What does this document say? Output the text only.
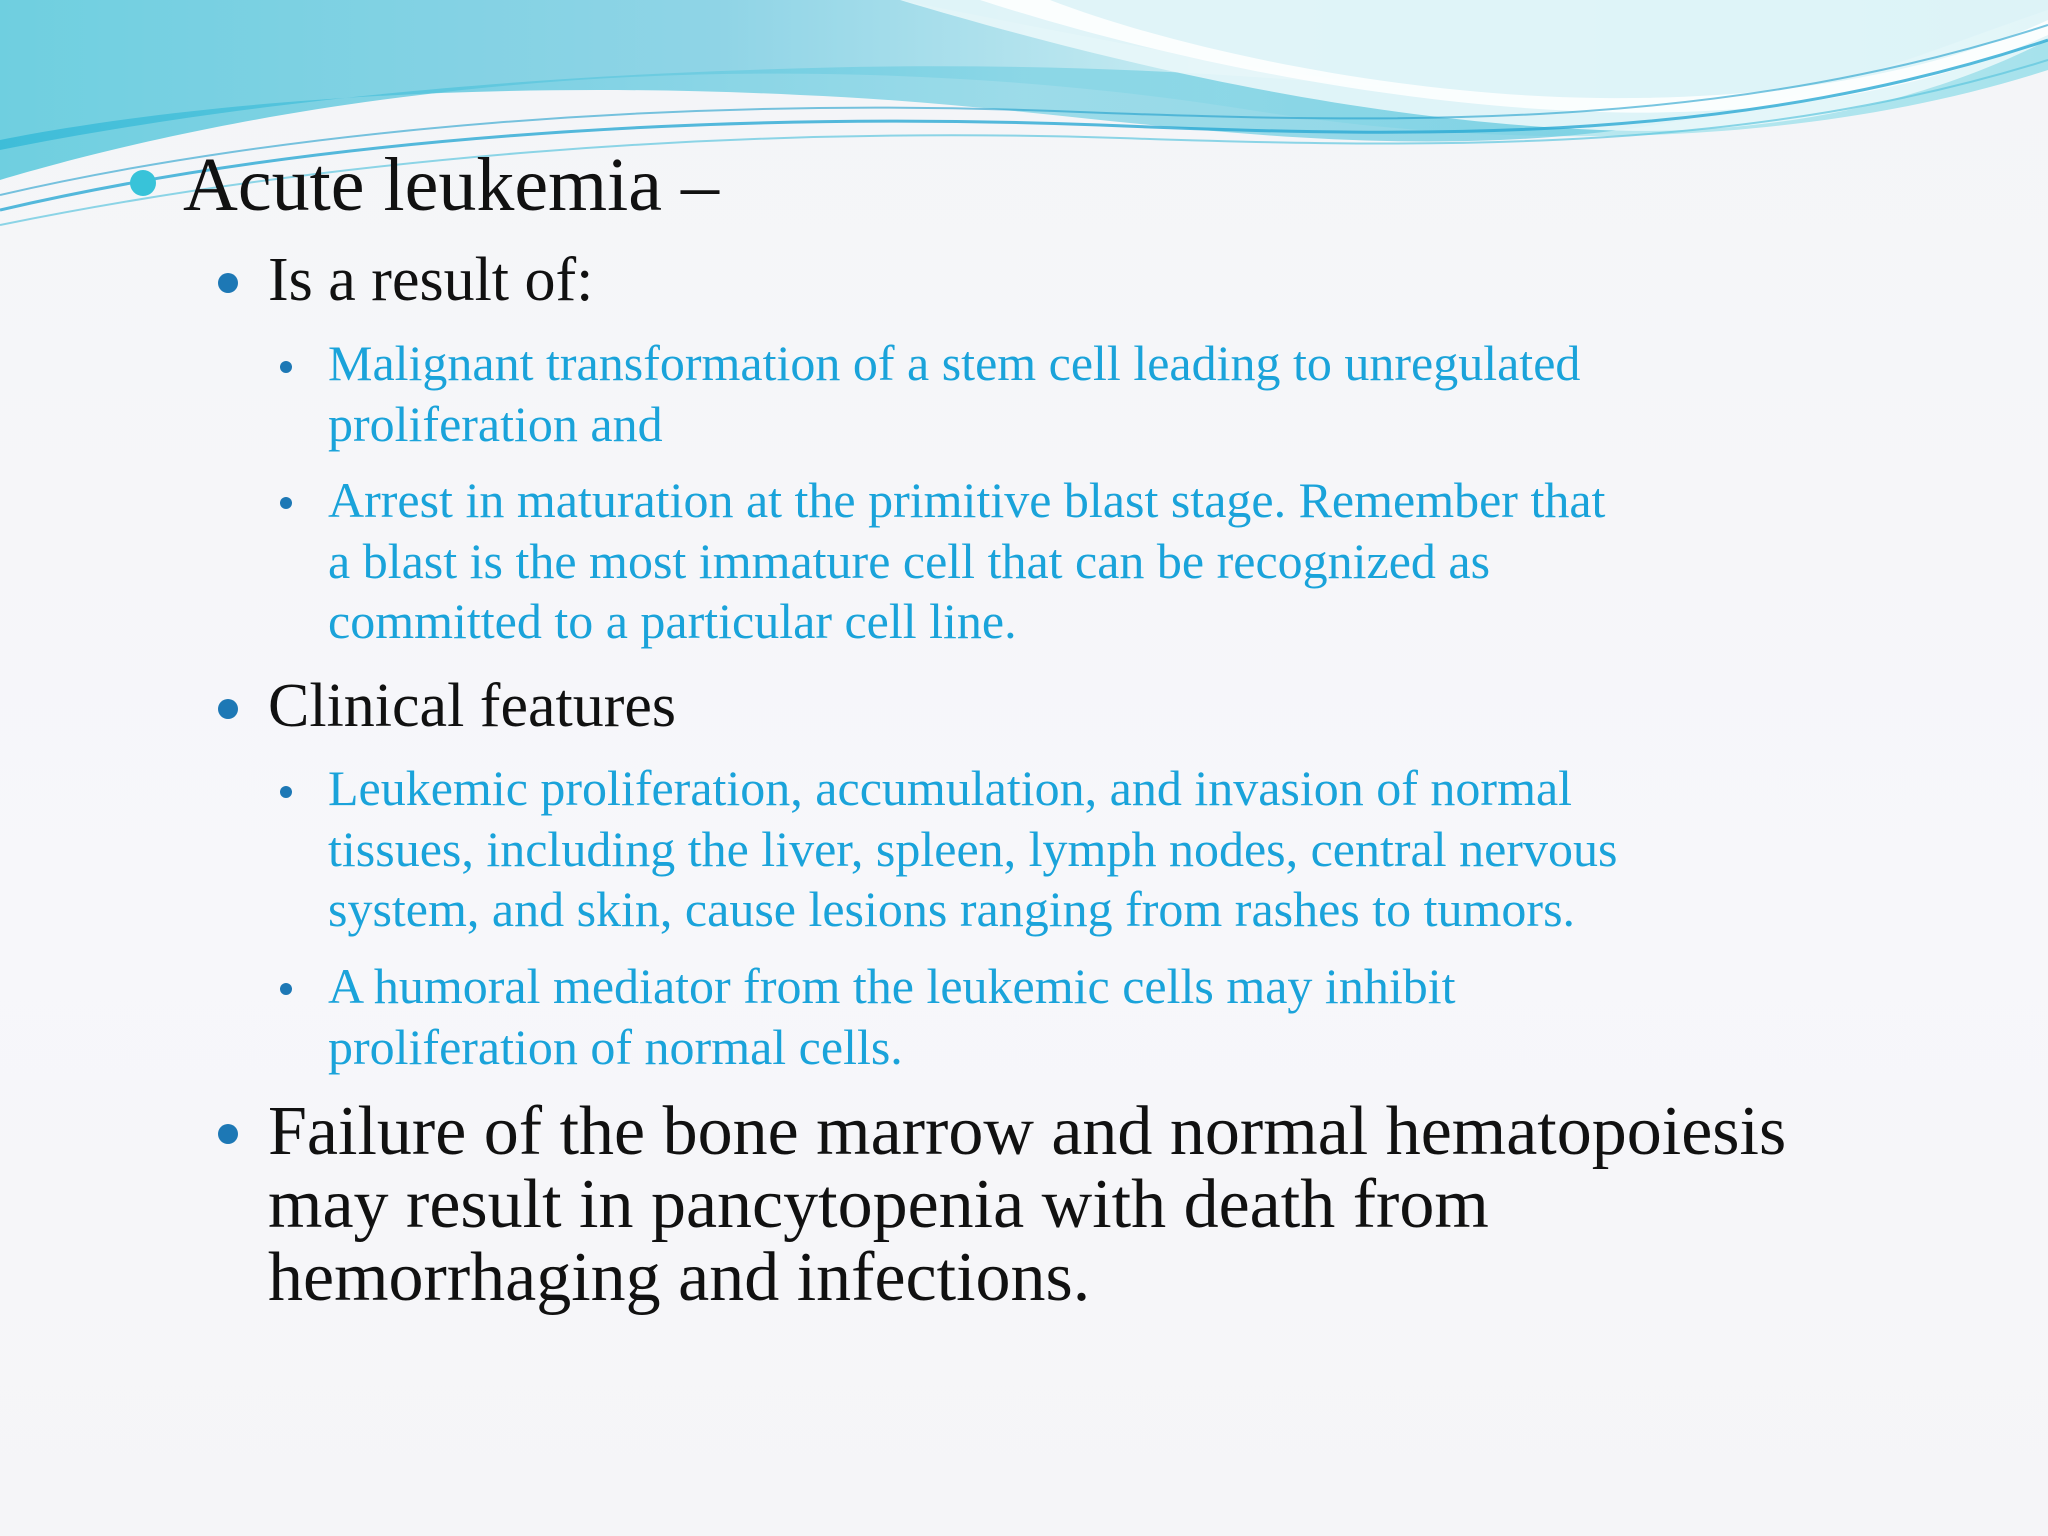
Acute leukemia –
Is a result of:
Malignant transformation of a stem cell leading to unregulated
proliferation and
Arrest in maturation at the primitive blast stage. Remember that
a blast is the most immature cell that can be recognized as
committed to a particular cell line.
Clinical features
Leukemic proliferation, accumulation, and invasion of normal
tissues, including the liver, spleen, lymph nodes, central nervous
system, and skin, cause lesions ranging from rashes to tumors.
A humoral mediator from the leukemic cells may inhibit
proliferation of normal cells.
Failure of the bone marrow and normal hematopoiesis
may result in pancytopenia with death from
hemorrhaging and infections.
